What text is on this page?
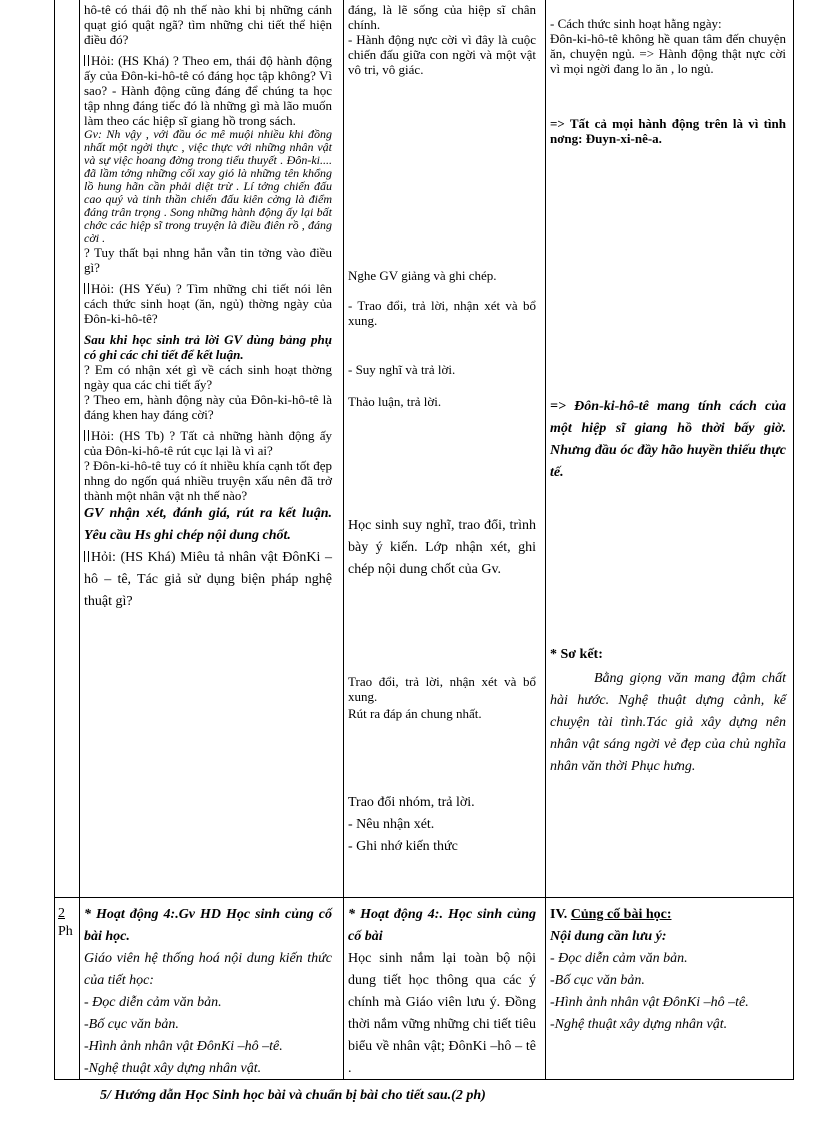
hô-tê có thái độ nh thế nào khi bị những cánh quạt gió quật ngã? tìm những chi tiết thể hiện điều đó?

Hỏi: (HS Khá) ? Theo em, thái độ hành động ấy của Đôn-ki-hô-tê có đáng học tập không? Vì sao? - Hành động cũng đáng để chúng ta học tập nhng đáng tiếc đó là những gì mà lão muốn làm theo các hiệp sĩ giang hồ trong sách.

Gv: Nh vậy , với đầu óc mê muội nhiều khi đồng nhất một ngời thực , việc thực với những nhân vật và sự việc hoang đờng trong tiểu thuyết . Đôn-ki.... đã lầm tởng những cối xay gió là những tên khổng lồ hung hãn cần phải diệt trừ . Lí tởng chiến đấu cao quý và tinh thần chiến đấu kiên cờng là điểm đáng trân trọng . Song những hành động ấy lại bất chớc các hiệp sĩ trong truyện là điều điên rồ , đáng cời .

? Tuy thất bại nhng hắn vẫn tin tởng vào điều gì?

Hỏi: (HS Yếu) ? Tìm những chi tiết nói lên cách thức sinh hoạt (ăn, ngủ) thờng ngày của Đôn-ki-hô-tê?

Sau khi học sinh trả lời GV dùng bảng phụ có ghi các chi tiết để kết luận.

? Em có nhận xét gì về cách sinh hoạt thờng ngày qua các chi tiết ấy?

? Theo em, hành động này của Đôn-ki-hô-tê là đáng khen hay đáng cời?

Hỏi: (HS Tb) ? Tất cả những hành động ấy của Đôn-ki-hô-tê rút cục lại là vì ai?

? Đôn-ki-hô-tê tuy có ít nhiều khía cạnh tốt đẹp nhng do ngốn quá nhiều truyện xấu nên đã trở thành một nhân vật nh thế nào?

GV nhận xét, đánh giá, rút ra kết luận. Yêu cầu Hs ghi chép nội dung chốt.

Hỏi: (HS Khá) Miêu tả nhân vật ĐônKi – hô – tê, Tác giả sử dụng biện pháp nghệ thuật gì?

đáng, là lẽ sống của hiệp sĩ chân chính.

- Hành động nực cời vì đây là cuộc chiến đấu giữa con ngời và một vật vô tri, vô giác.

Nghe GV giảng và ghi chép.

- Trao đổi, trả lời, nhận xét và bổ xung.

- Suy nghĩ và trả lời.

Thảo luận, trả lời.

Học sinh suy nghĩ, trao đổi, trình bày ý kiến. Lớp nhận xét, ghi chép nội dung chốt của Gv.

Trao đổi, trả lời, nhận xét và bổ xung.

Rút ra đáp án chung nhất.

Trao đổi nhóm, trả lời.

- Nêu nhận xét.

- Ghi nhớ kiến thức

- Cách thức sinh hoạt hằng ngày:

Đôn-ki-hô-tê không hề quan tâm đến chuyện ăn, chuyện ngủ. => Hành động thật nực cời vì mọi ngời đang lo ăn , lo ngủ.

=> Tất cả mọi hành động trên là vì tình nơng: Đuyn-xi-nê-a.

=> Đôn-ki-hô-tê mang tính cách của một hiệp sĩ giang hồ thời bấy giờ. Nhưng đầu óc đầy hão huyền thiếu thực tế.

* Sơ kết:

Bằng giọng văn mang đậm chất hài hước. Nghệ thuật dựng cảnh, kể chuyện tài tình.Tác giả xây dựng nên nhân vật sáng ngời vẻ đẹp của chủ nghĩa nhân văn thời Phục hưng.

2
Ph

* Hoạt động 4:.Gv HD Học sinh củng cố bài học.

Giáo viên hệ thống hoá nội dung kiến thức của tiết học:

- Đọc diễn cảm văn bản.

-Bố cục văn bản.

-Hình ảnh nhân vật ĐônKi –hô –tê.

-Nghệ thuật xây dựng nhân vật.

* Hoạt động 4:. Học sinh củng cố bài

Học sinh nắm lại toàn bộ nội dung tiết học thông qua các ý chính mà Giáo viên lưu ý. Đồng thời nắm vững những chi tiết tiêu biểu về nhân vật; ĐônKi –hô – tê .

IV. Củng cố bài học:

Nội dung cần lưu ý:

- Đọc diễn cảm văn bản.

-Bố cục văn bản.

-Hình ảnh nhân vật ĐônKi –hô –tê.

-Nghệ thuật xây dựng nhân vật.

5/ Hướng dẫn Học Sinh học bài và chuẩn bị bài cho tiết sau.(2 ph)
